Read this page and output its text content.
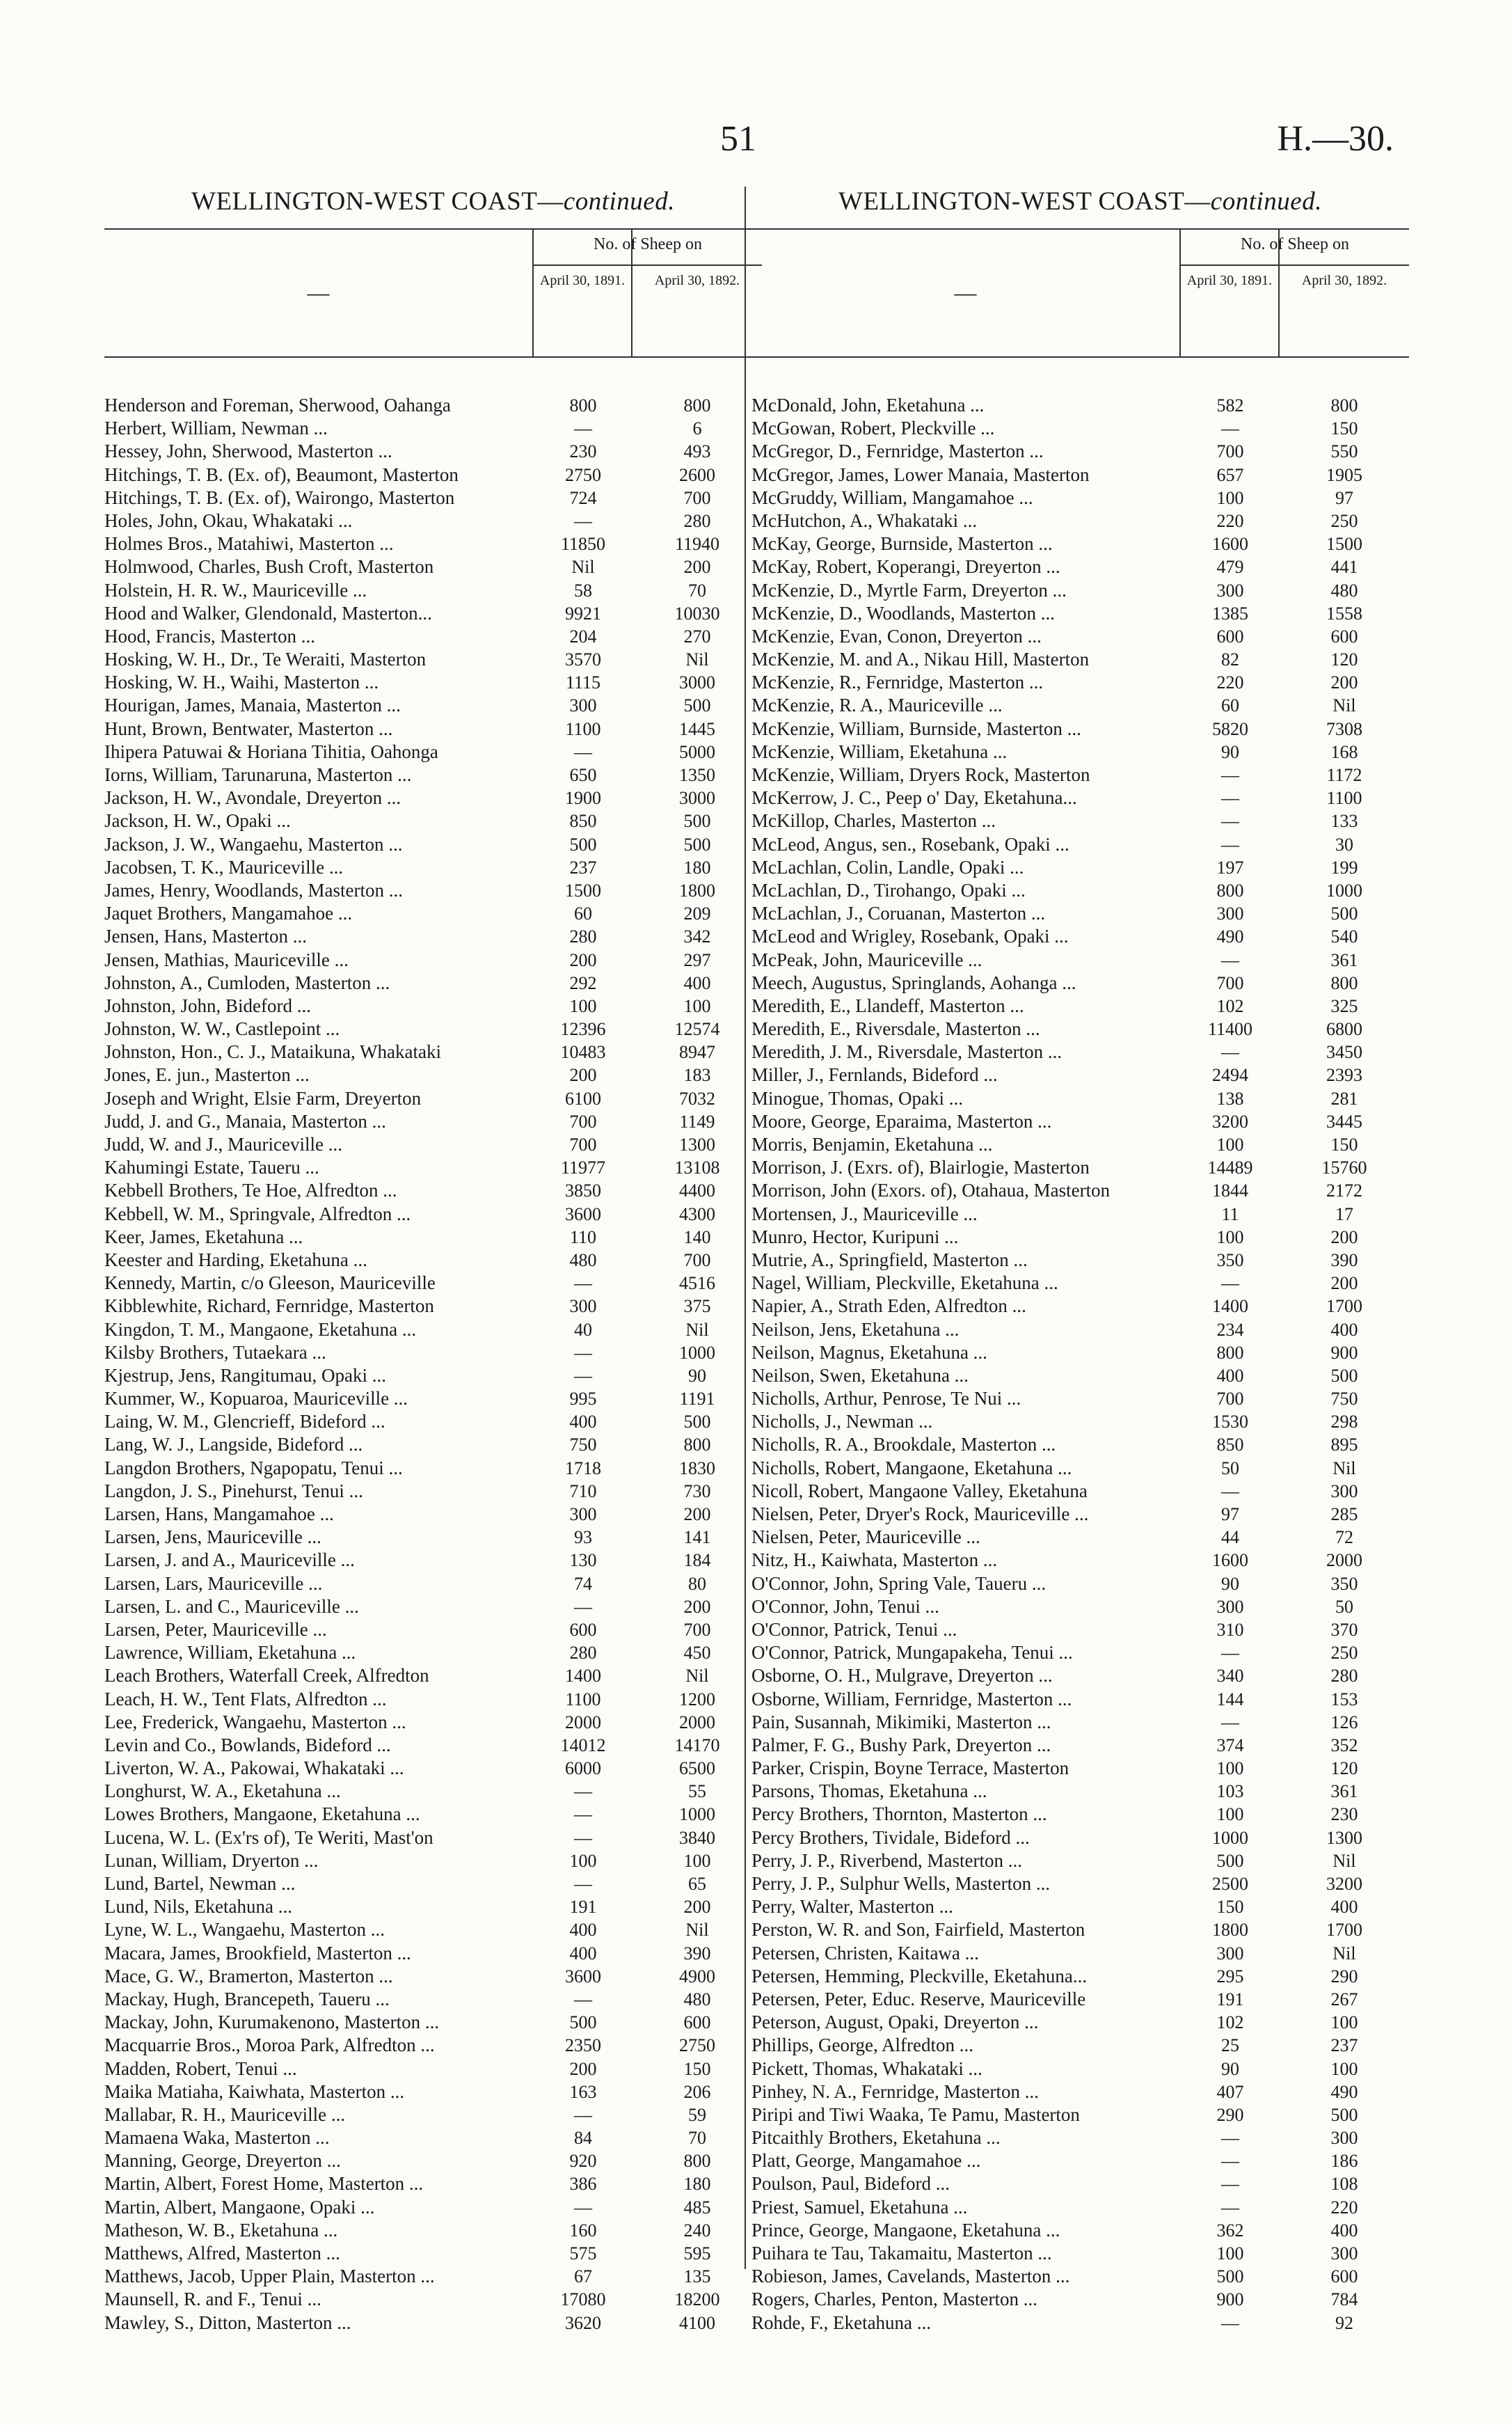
51	H.—30.
WELLINGTON-WEST COAST—continued.
—
No. of Sheep on
April 30, 1891.	April 30, 1892.
Henderson and Foreman, Sherwood, Oahanga	800	800
Herbert, William, Newman ...	—	6
Hessey, John, Sherwood, Masterton ...	230	493
Hitchings, T. B. (Ex. of), Beaumont, Masterton	2750	2600
Hitchings, T. B. (Ex. of), Wairongo, Masterton	724	700
Holes, John, Okau, Whakataki ...	—	280
Holmes Bros., Matahiwi, Masterton ...	11850	11940
Holmwood, Charles, Bush Croft, Masterton	Nil	200
Holstein, H. R. W., Mauriceville ...	58	70
Hood and Walker, Glendonald, Masterton...	9921	10030
Hood, Francis, Masterton ...	204	270
Hosking, W. H., Dr., Te Weraiti, Masterton	3570	Nil
Hosking, W. H., Waihi, Masterton ...	1115	3000
Hourigan, James, Manaia, Masterton ...	300	500
Hunt, Brown, Bentwater, Masterton ...	1100	1445
Ihipera Patuwai & Horiana Tihitia, Oahonga	—	5000
Iorns, William, Tarunaruna, Masterton ...	650	1350
Jackson, H. W., Avondale, Dreyerton ...	1900	3000
Jackson, H. W., Opaki ...	850	500
Jackson, J. W., Wangaehu, Masterton ...	500	500
Jacobsen, T. K., Mauriceville ...	237	180
James, Henry, Woodlands, Masterton ...	1500	1800
Jaquet Brothers, Mangamahoe ...	60	209
Jensen, Hans, Masterton ...	280	342
Jensen, Mathias, Mauriceville ...	200	297
Johnston, A., Cumloden, Masterton ...	292	400
Johnston, John, Bideford ...	100	100
Johnston, W. W., Castlepoint ...	12396	12574
Johnston, Hon., C. J., Mataikuna, Whakataki	10483	8947
Jones, E. jun., Masterton ...	200	183
Joseph and Wright, Elsie Farm, Dreyerton	6100	7032
Judd, J. and G., Manaia, Masterton ...	700	1149
Judd, W. and J., Mauriceville ...	700	1300
Kahumingi Estate, Taueru ...	11977	13108
Kebbell Brothers, Te Hoe, Alfredton ...	3850	4400
Kebbell, W. M., Springvale, Alfredton ...	3600	4300
Keer, James, Eketahuna ...	110	140
Keester and Harding, Eketahuna ...	480	700
Kennedy, Martin, c/o Gleeson, Mauriceville	—	4516
Kibblewhite, Richard, Fernridge, Masterton	300	375
Kingdon, T. M., Mangaone, Eketahuna ...	40	Nil
Kilsby Brothers, Tutaekara ...	—	1000
Kjestrup, Jens, Rangitumau, Opaki ...	—	90
Kummer, W., Kopuaroa, Mauriceville ...	995	1191
Laing, W. M., Glencrieff, Bideford ...	400	500
Lang, W. J., Langside, Bideford ...	750	800
Langdon Brothers, Ngapopatu, Tenui ...	1718	1830
Langdon, J. S., Pinehurst, Tenui ...	710	730
Larsen, Hans, Mangamahoe ...	300	200
Larsen, Jens, Mauriceville ...	93	141
Larsen, J. and A., Mauriceville ...	130	184
Larsen, Lars, Mauriceville ...	74	80
Larsen, L. and C., Mauriceville ...	—	200
Larsen, Peter, Mauriceville ...	600	700
Lawrence, William, Eketahuna ...	280	450
Leach Brothers, Waterfall Creek, Alfredton	1400	Nil
Leach, H. W., Tent Flats, Alfredton ...	1100	1200
Lee, Frederick, Wangaehu, Masterton ...	2000	2000
Levin and Co., Bowlands, Bideford ...	14012	14170
Liverton, W. A., Pakowai, Whakataki ...	6000	6500
Longhurst, W. A., Eketahuna ...	—	55
Lowes Brothers, Mangaone, Eketahuna ...	—	1000
Lucena, W. L. (Ex'rs of), Te Weriti, Mast'on	—	3840
Lunan, William, Dryerton ...	100	100
Lund, Bartel, Newman ...	—	65
Lund, Nils, Eketahuna ...	191	200
Lyne, W. L., Wangaehu, Masterton ...	400	Nil
Macara, James, Brookfield, Masterton ...	400	390
Mace, G. W., Bramerton, Masterton ...	3600	4900
Mackay, Hugh, Brancepeth, Taueru ...	—	480
Mackay, John, Kurumakenono, Masterton ...	500	600
Macquarrie Bros., Moroa Park, Alfredton ...	2350	2750
Madden, Robert, Tenui ...	200	150
Maika Matiaha, Kaiwhata, Masterton ...	163	206
Mallabar, R. H., Mauriceville ...	—	59
Mamaena Waka, Masterton ...	84	70
Manning, George, Dreyerton ...	920	800
Martin, Albert, Forest Home, Masterton ...	386	180
Martin, Albert, Mangaone, Opaki ...	—	485
Matheson, W. B., Eketahuna ...	160	240
Matthews, Alfred, Masterton ...	575	595
Matthews, Jacob, Upper Plain, Masterton ...	67	135
Maunsell, R. and F., Tenui ...	17080	18200
Mawley, S., Ditton, Masterton ...	3620	4100
WELLINGTON-WEST COAST—continued.
—
No. of Sheep on
April 30, 1891.	April 30, 1892.
McDonald, John, Eketahuna ...	582	800
McGowan, Robert, Pleckville ...	—	150
McGregor, D., Fernridge, Masterton ...	700	550
McGregor, James, Lower Manaia, Masterton	657	1905
McGruddy, William, Mangamahoe ...	100	97
McHutchon, A., Whakataki ...	220	250
McKay, George, Burnside, Masterton ...	1600	1500
McKay, Robert, Koperangi, Dreyerton ...	479	441
McKenzie, D., Myrtle Farm, Dreyerton ...	300	480
McKenzie, D., Woodlands, Masterton ...	1385	1558
McKenzie, Evan, Conon, Dreyerton ...	600	600
McKenzie, M. and A., Nikau Hill, Masterton	82	120
McKenzie, R., Fernridge, Masterton ...	220	200
McKenzie, R. A., Mauriceville ...	60	Nil
McKenzie, William, Burnside, Masterton ...	5820	7308
McKenzie, William, Eketahuna ...	90	168
McKenzie, William, Dryers Rock, Masterton	—	1172
McKerrow, J. C., Peep o' Day, Eketahuna...	—	1100
McKillop, Charles, Masterton ...	—	133
McLeod, Angus, sen., Rosebank, Opaki ...	—	30
McLachlan, Colin, Landle, Opaki ...	197	199
McLachlan, D., Tirohango, Opaki ...	800	1000
McLachlan, J., Coruanan, Masterton ...	300	500
McLeod and Wrigley, Rosebank, Opaki ...	490	540
McPeak, John, Mauriceville ...	—	361
Meech, Augustus, Springlands, Aohanga ...	700	800
Meredith, E., Llandeff, Masterton ...	102	325
Meredith, E., Riversdale, Masterton ...	11400	6800
Meredith, J. M., Riversdale, Masterton ...	—	3450
Miller, J., Fernlands, Bideford ...	2494	2393
Minogue, Thomas, Opaki ...	138	281
Moore, George, Eparaima, Masterton ...	3200	3445
Morris, Benjamin, Eketahuna ...	100	150
Morrison, J. (Exrs. of), Blairlogie, Masterton	14489	15760
Morrison, John (Exors. of), Otahaua, Masterton	1844	2172
Mortensen, J., Mauriceville ...	11	17
Munro, Hector, Kuripuni ...	100	200
Mutrie, A., Springfield, Masterton ...	350	390
Nagel, William, Pleckville, Eketahuna ...	—	200
Napier, A., Strath Eden, Alfredton ...	1400	1700
Neilson, Jens, Eketahuna ...	234	400
Neilson, Magnus, Eketahuna ...	800	900
Neilson, Swen, Eketahuna ...	400	500
Nicholls, Arthur, Penrose, Te Nui ...	700	750
Nicholls, J., Newman ...	1530	298
Nicholls, R. A., Brookdale, Masterton ...	850	895
Nicholls, Robert, Mangaone, Eketahuna ...	50	Nil
Nicoll, Robert, Mangaone Valley, Eketahuna	—	300
Nielsen, Peter, Dryer's Rock, Mauriceville ...	97	285
Nielsen, Peter, Mauriceville ...	44	72
Nitz, H., Kaiwhata, Masterton ...	1600	2000
O'Connor, John, Spring Vale, Taueru ...	90	350
O'Connor, John, Tenui ...	300	50
O'Connor, Patrick, Tenui ...	310	370
O'Connor, Patrick, Mungapakeha, Tenui ...	—	250
Osborne, O. H., Mulgrave, Dreyerton ...	340	280
Osborne, William, Fernridge, Masterton ...	144	153
Pain, Susannah, Mikimiki, Masterton ...	—	126
Palmer, F. G., Bushy Park, Dreyerton ...	374	352
Parker, Crispin, Boyne Terrace, Masterton	100	120
Parsons, Thomas, Eketahuna ...	103	361
Percy Brothers, Thornton, Masterton ...	100	230
Percy Brothers, Tividale, Bideford ...	1000	1300
Perry, J. P., Riverbend, Masterton ...	500	Nil
Perry, J. P., Sulphur Wells, Masterton ...	2500	3200
Perry, Walter, Masterton ...	150	400
Perston, W. R. and Son, Fairfield, Masterton	1800	1700
Petersen, Christen, Kaitawa ...	300	Nil
Petersen, Hemming, Pleckville, Eketahuna...	295	290
Petersen, Peter, Educ. Reserve, Mauriceville	191	267
Peterson, August, Opaki, Dreyerton ...	102	100
Phillips, George, Alfredton ...	25	237
Pickett, Thomas, Whakataki ...	90	100
Pinhey, N. A., Fernridge, Masterton ...	407	490
Piripi and Tiwi Waaka, Te Pamu, Masterton	290	500
Pitcaithly Brothers, Eketahuna ...	—	300
Platt, George, Mangamahoe ...	—	186
Poulson, Paul, Bideford ...	—	108
Priest, Samuel, Eketahuna ...	—	220
Prince, George, Mangaone, Eketahuna ...	362	400
Puihara te Tau, Takamaitu, Masterton ...	100	300
Robieson, James, Cavelands, Masterton ...	500	600
Rogers, Charles, Penton, Masterton ...	900	784
Rohde, F., Eketahuna ...	—	92
